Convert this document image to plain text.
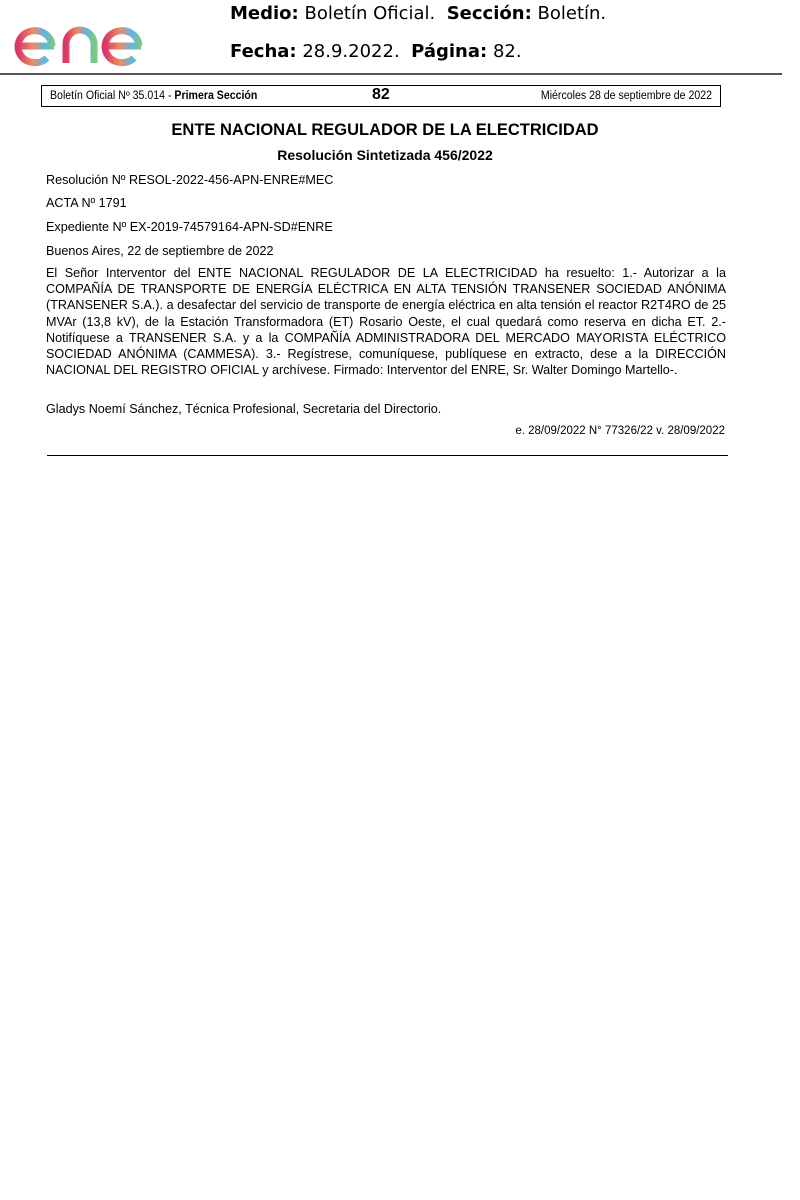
Medio: Boletín Oficial. Sección: Boletín.
Fecha: 28.9.2022. Página: 82.
Boletín Oficial Nº 35.014 - Primera Sección	82	Miércoles 28 de septiembre de 2022
ENTE NACIONAL REGULADOR DE LA ELECTRICIDAD
Resolución Sintetizada 456/2022
Resolución Nº RESOL-2022-456-APN-ENRE#MEC
ACTA Nº 1791
Expediente Nº EX-2019-74579164-APN-SD#ENRE
Buenos Aires, 22 de septiembre de 2022
El Señor Interventor del ENTE NACIONAL REGULADOR DE LA ELECTRICIDAD ha resuelto: 1.- Autorizar a la COMPAÑÍA DE TRANSPORTE DE ENERGÍA ELÉCTRICA EN ALTA TENSIÓN TRANSENER SOCIEDAD ANÓNIMA (TRANSENER S.A.). a desafectar del servicio de transporte de energía eléctrica en alta tensión el reactor R2T4RO de 25 MVAr (13,8 kV), de la Estación Transformadora (ET) Rosario Oeste, el cual quedará como reserva en dicha ET. 2.- Notifíquese a TRANSENER S.A. y a la COMPAÑÍA ADMINISTRADORA DEL MERCADO MAYORISTA ELÉCTRICO SOCIEDAD ANÓNIMA (CAMMESA). 3.- Regístrese, comuníquese, publíquese en extracto, dese a la DIRECCIÓN NACIONAL DEL REGISTRO OFICIAL y archívese. Firmado: Interventor del ENRE, Sr. Walter Domingo Martello-.
Gladys Noemí Sánchez, Técnica Profesional, Secretaria del Directorio.
e. 28/09/2022 N° 77326/22 v. 28/09/2022
